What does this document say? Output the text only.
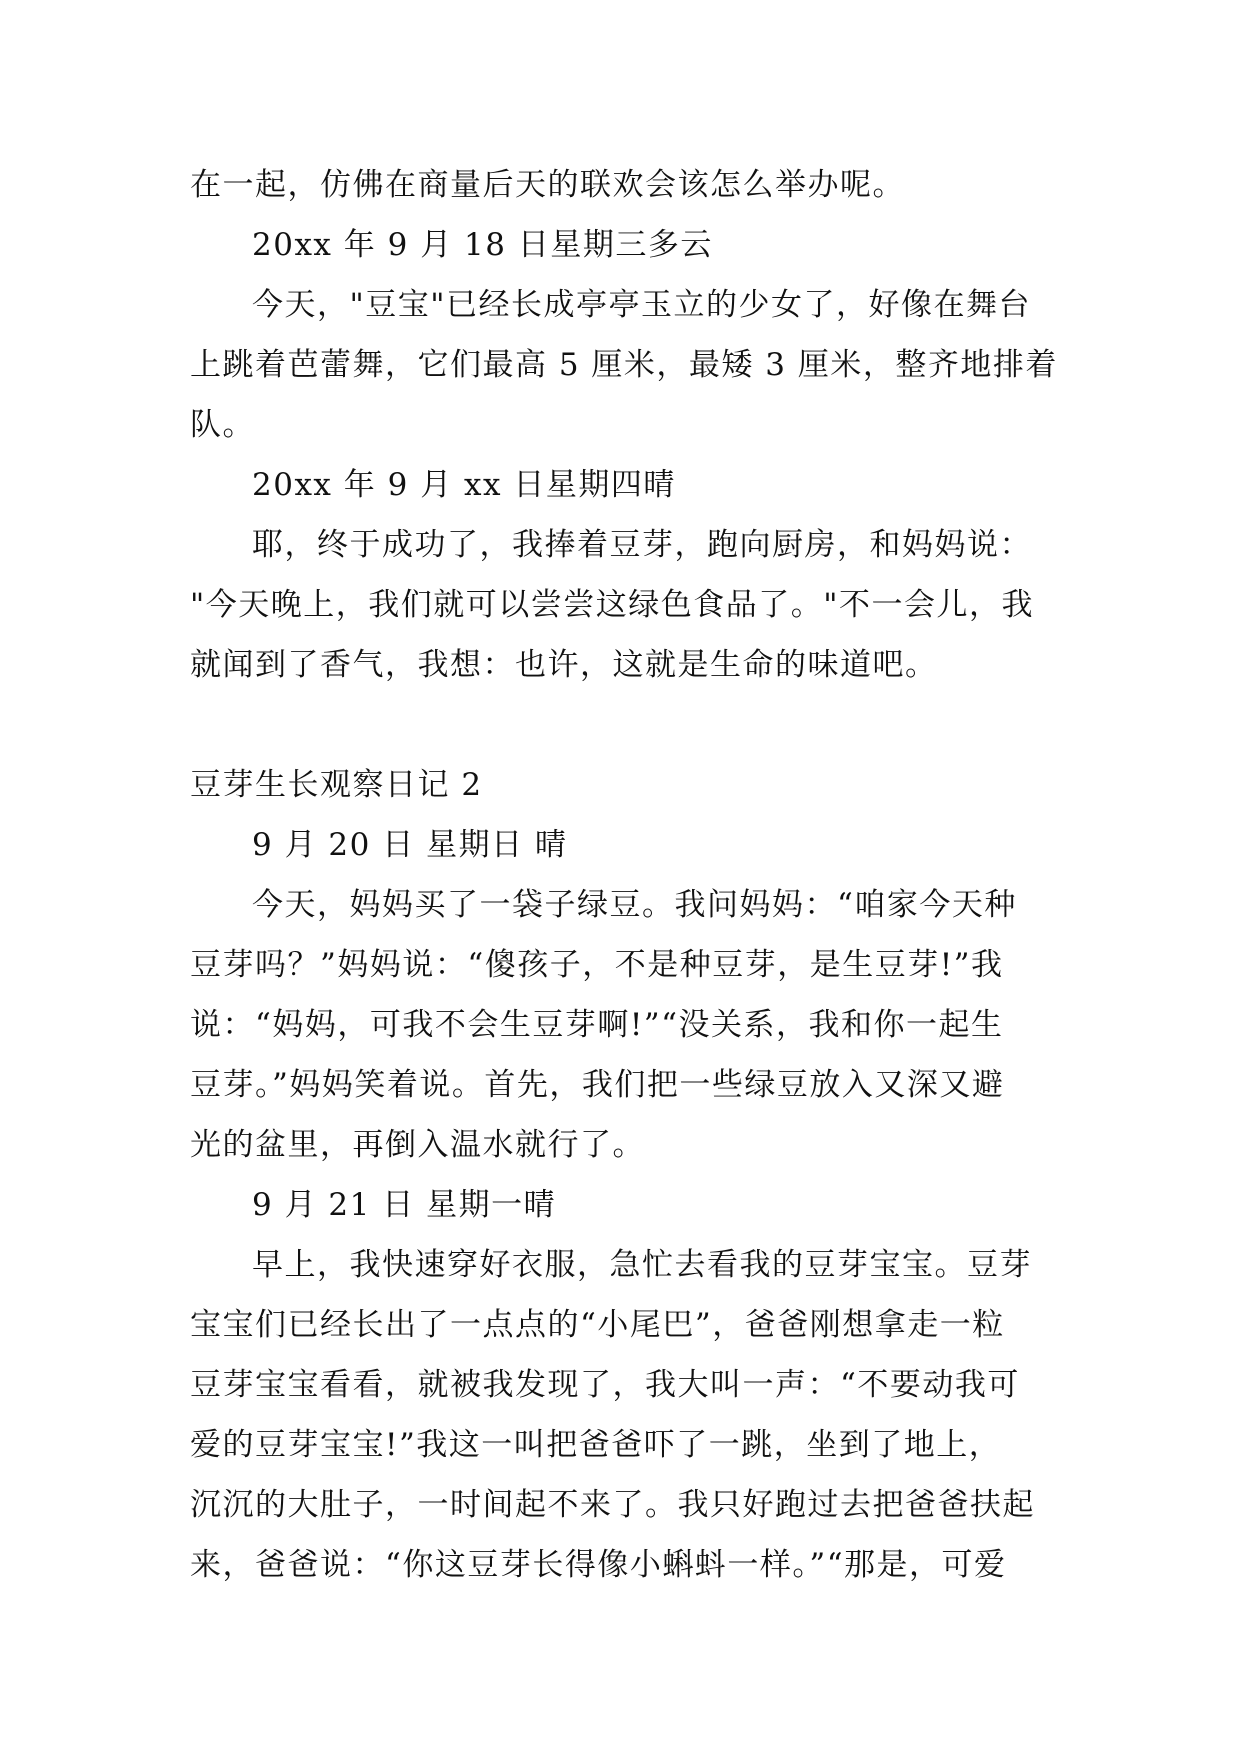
在一起，仿佛在商量后天的联欢会该怎么举办呢。

20xx 年 9 月 18 日星期三多云

今天，"豆宝"已经长成亭亭玉立的少女了，好像在舞台

上跳着芭蕾舞，它们最高 5 厘米，最矮 3 厘米，整齐地排着

队。

20xx 年 9 月 xx 日星期四晴

耶，终于成功了，我捧着豆芽，跑向厨房，和妈妈说：

"今天晚上，我们就可以尝尝这绿色食品了。"不一会儿，我

就闻到了香气，我想：也许，这就是生命的味道吧。

豆芽生长观察日记 2

9 月 20 日 星期日 晴

今天，妈妈买了一袋子绿豆。我问妈妈：“咱家今天种

豆芽吗？”妈妈说：“傻孩子，不是种豆芽，是生豆芽!”我

说：“妈妈，可我不会生豆芽啊!”“没关系，我和你一起生

豆芽。”妈妈笑着说。首先，我们把一些绿豆放入又深又避

光的盆里，再倒入温水就行了。

9 月 21 日 星期一晴

早上，我快速穿好衣服，急忙去看我的豆芽宝宝。豆芽

宝宝们已经长出了一点点的“小尾巴”，爸爸刚想拿走一粒

豆芽宝宝看看，就被我发现了，我大叫一声：“不要动我可

爱的豆芽宝宝!”我这一叫把爸爸吓了一跳，坐到了地上，

沉沉的大肚子，一时间起不来了。我只好跑过去把爸爸扶起

来，爸爸说：“你这豆芽长得像小蝌蚪一样。”“那是，可爱
